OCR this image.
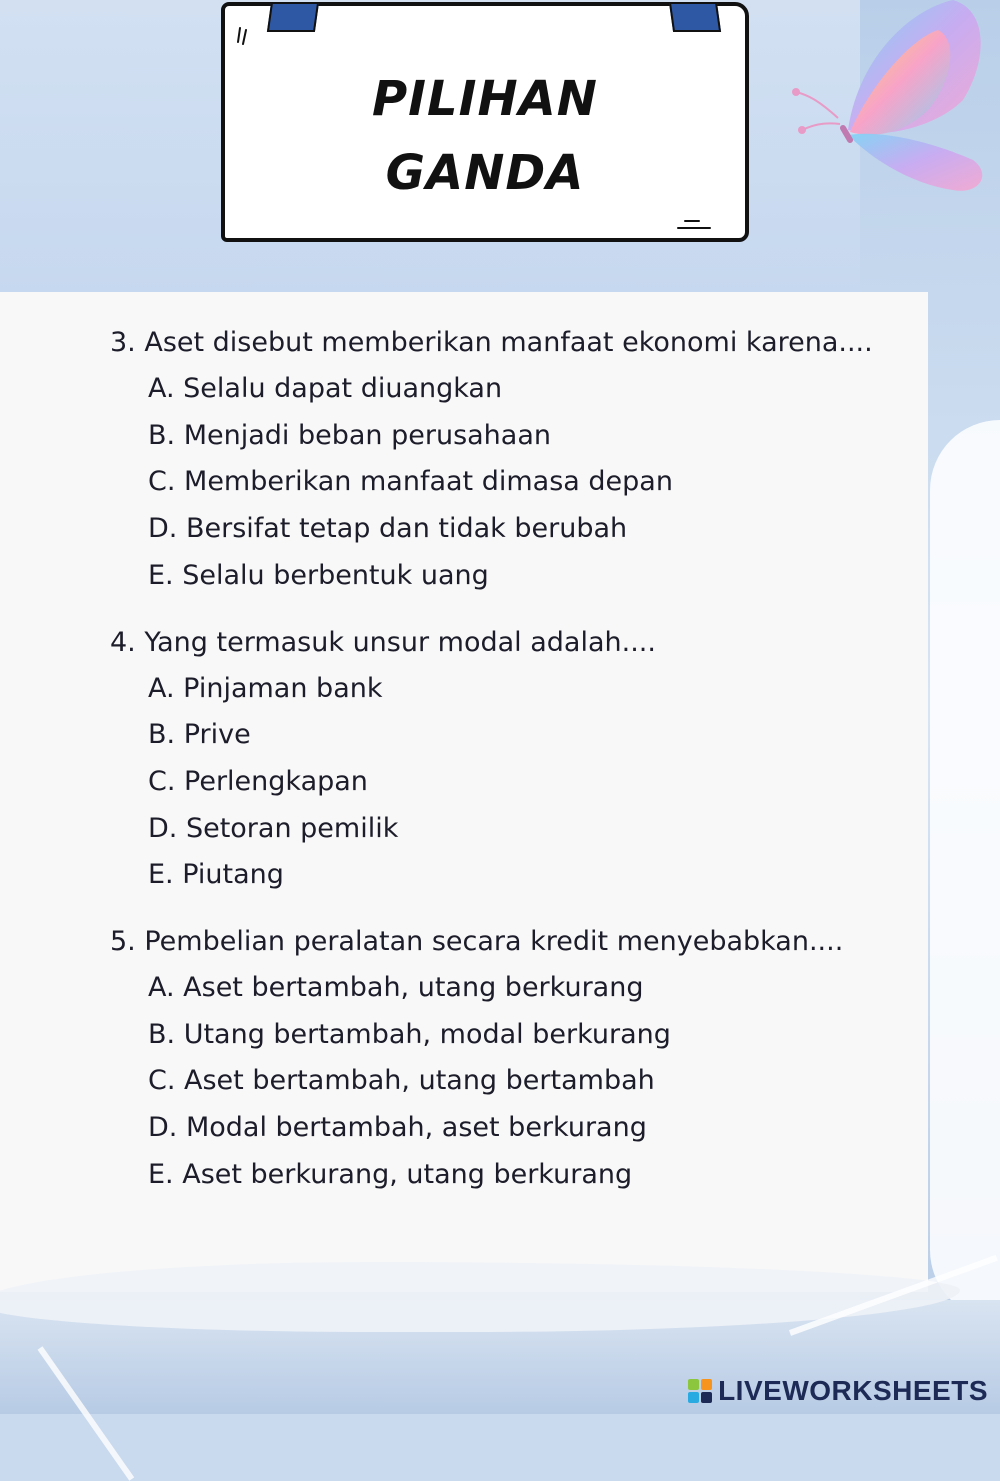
PILIHAN
GANDA

3. Aset disebut memberikan manfaat ekonomi karena....

A. Selalu dapat diuangkan
B. Menjadi beban perusahaan
C. Memberikan manfaat dimasa depan
D. Bersifat tetap dan tidak berubah
E. Selalu berbentuk uang

4. Yang termasuk unsur modal adalah....

A. Pinjaman bank
B. Prive
C. Perlengkapan
D. Setoran pemilik
E. Piutang

5. Pembelian peralatan secara kredit menyebabkan....

A. Aset bertambah, utang berkurang
B. Utang bertambah, modal berkurang
C. Aset bertambah, utang bertambah
D. Modal bertambah, aset berkurang
E. Aset berkurang, utang berkurang
LIVEWORKSHEETS
